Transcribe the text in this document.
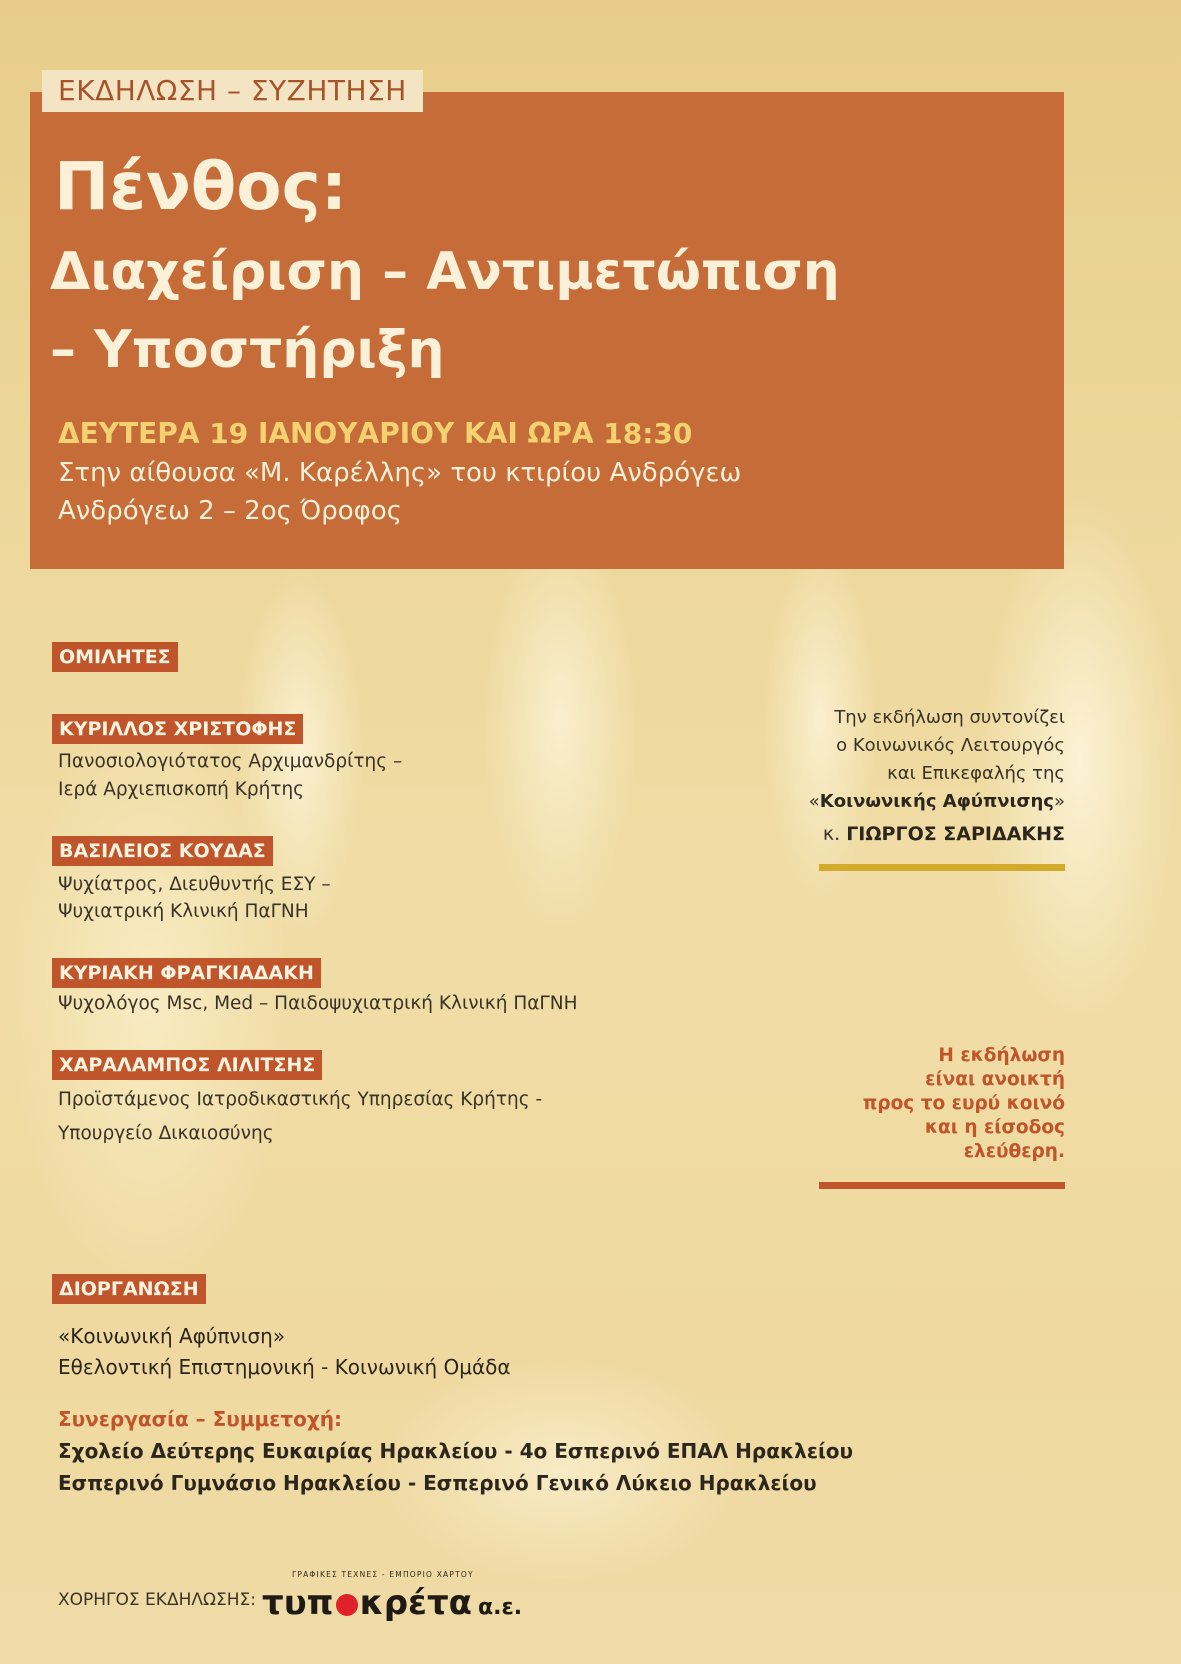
ΕΚΔΗΛΩΣΗ – ΣΥΖΗΤΗΣΗ
Πένθος:
Διαχείριση – Αντιμετώπιση
– Υποστήριξη
ΔΕΥΤΕΡΑ 19 ΙΑΝΟΥΑΡΙΟΥ ΚΑΙ ΩΡΑ 18:30
Στην αίθουσα «Μ. Καρέλλης» του κτιρίου Ανδρόγεω
Ανδρόγεω 2 – 2ος Όροφος
ΟΜΙΛΗΤΕΣ
ΚΥΡΙΛΛΟΣ ΧΡΙΣΤΟΦΗΣ
Πανοσιολογιότατος Αρχιμανδρίτης –
Ιερά Αρχιεπισκοπή Κρήτης
ΒΑΣΙΛΕΙΟΣ ΚΟΥΔΑΣ
Ψυχίατρος, Διευθυντής ΕΣΥ –
Ψυχιατρική Κλινική ΠαΓΝΗ
ΚΥΡΙΑΚΗ ΦΡΑΓΚΙΑΔΑΚΗ
Ψυχολόγος Msc, Med – Παιδοψυχιατρική Κλινική ΠαΓΝΗ
ΧΑΡΑΛΑΜΠΟΣ ΛΙΛΙΤΣΗΣ
Προϊστάμενος Ιατροδικαστικής Υπηρεσίας Κρήτης -
Υπουργείο Δικαιοσύνης
Την εκδήλωση συντονίζει
ο Κοινωνικός Λειτουργός
και Επικεφαλής της
«Κοινωνικής Αφύπνισης»
κ. ΓΙΩΡΓΟΣ ΣΑΡΙΔΑΚΗΣ
Η εκδήλωση
είναι ανοικτή
προς το ευρύ κοινό
και η είσοδος
ελεύθερη.
ΔΙΟΡΓΑΝΩΣΗ
«Κοινωνική Αφύπνιση»
Εθελοντική Επιστημονική - Κοινωνική Ομάδα
Συνεργασία – Συμμετοχή:
Σχολείο Δεύτερης Ευκαιρίας Ηρακλείου - 4ο Εσπερινό ΕΠΑΛ Ηρακλείου
Εσπερινό Γυμνάσιο Ηρακλείου - Εσπερινό Γενικό Λύκειο Ηρακλείου
ΧΟΡΗΓΟΣ ΕΚΔΗΛΩΣΗΣ:
ΓΡΑΦΙΚΕΣ ΤΕΧΝΕΣ - ΕΜΠΟΡΙΟ ΧΑΡΤΟΥ
τυπ κρέτα α.ε.
